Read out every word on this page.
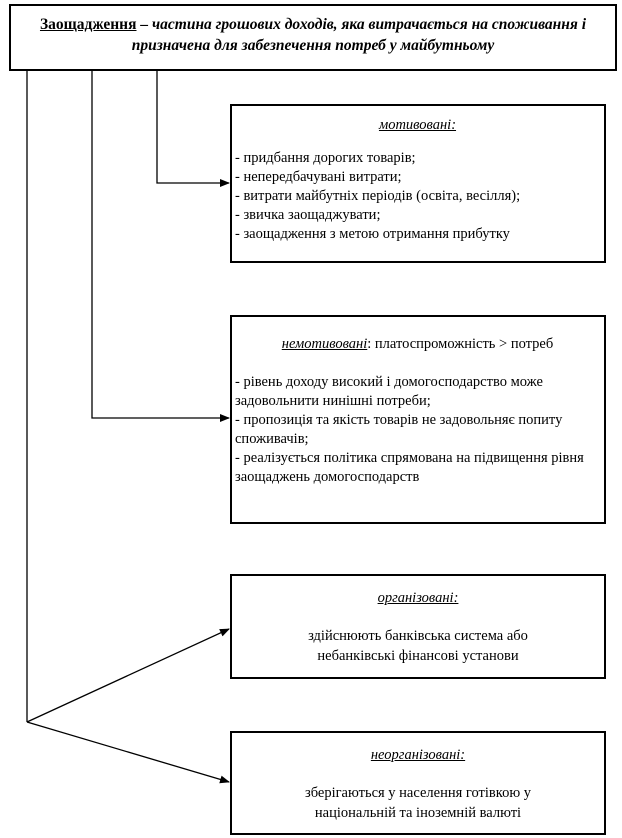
Заощадження – частина грошових доходів, яка витрачається на споживання і призначена для забезпечення потреб у майбутньому
мотивовані:
- придбання дорогих товарів;
- непередбачувані витрати;
- витрати майбутніх періодів (освіта, весілля);
- звичка заощаджувати;
- заощадження з метою отримання прибутку
немотивовані: платоспроможність > потреб
- рівень доходу високий і домогосподарство може задовольнити нинішні потреби;
- пропозиція та якість товарів не задовольняє попиту споживачів;
- реалізується політика спрямована на підвищення рівня заощаджень домогосподарств
організовані:
здійснюють банківська система або небанківські фінансові установи
неорганізовані:
зберігаються у населення готівкою у національній та іноземній валюті
